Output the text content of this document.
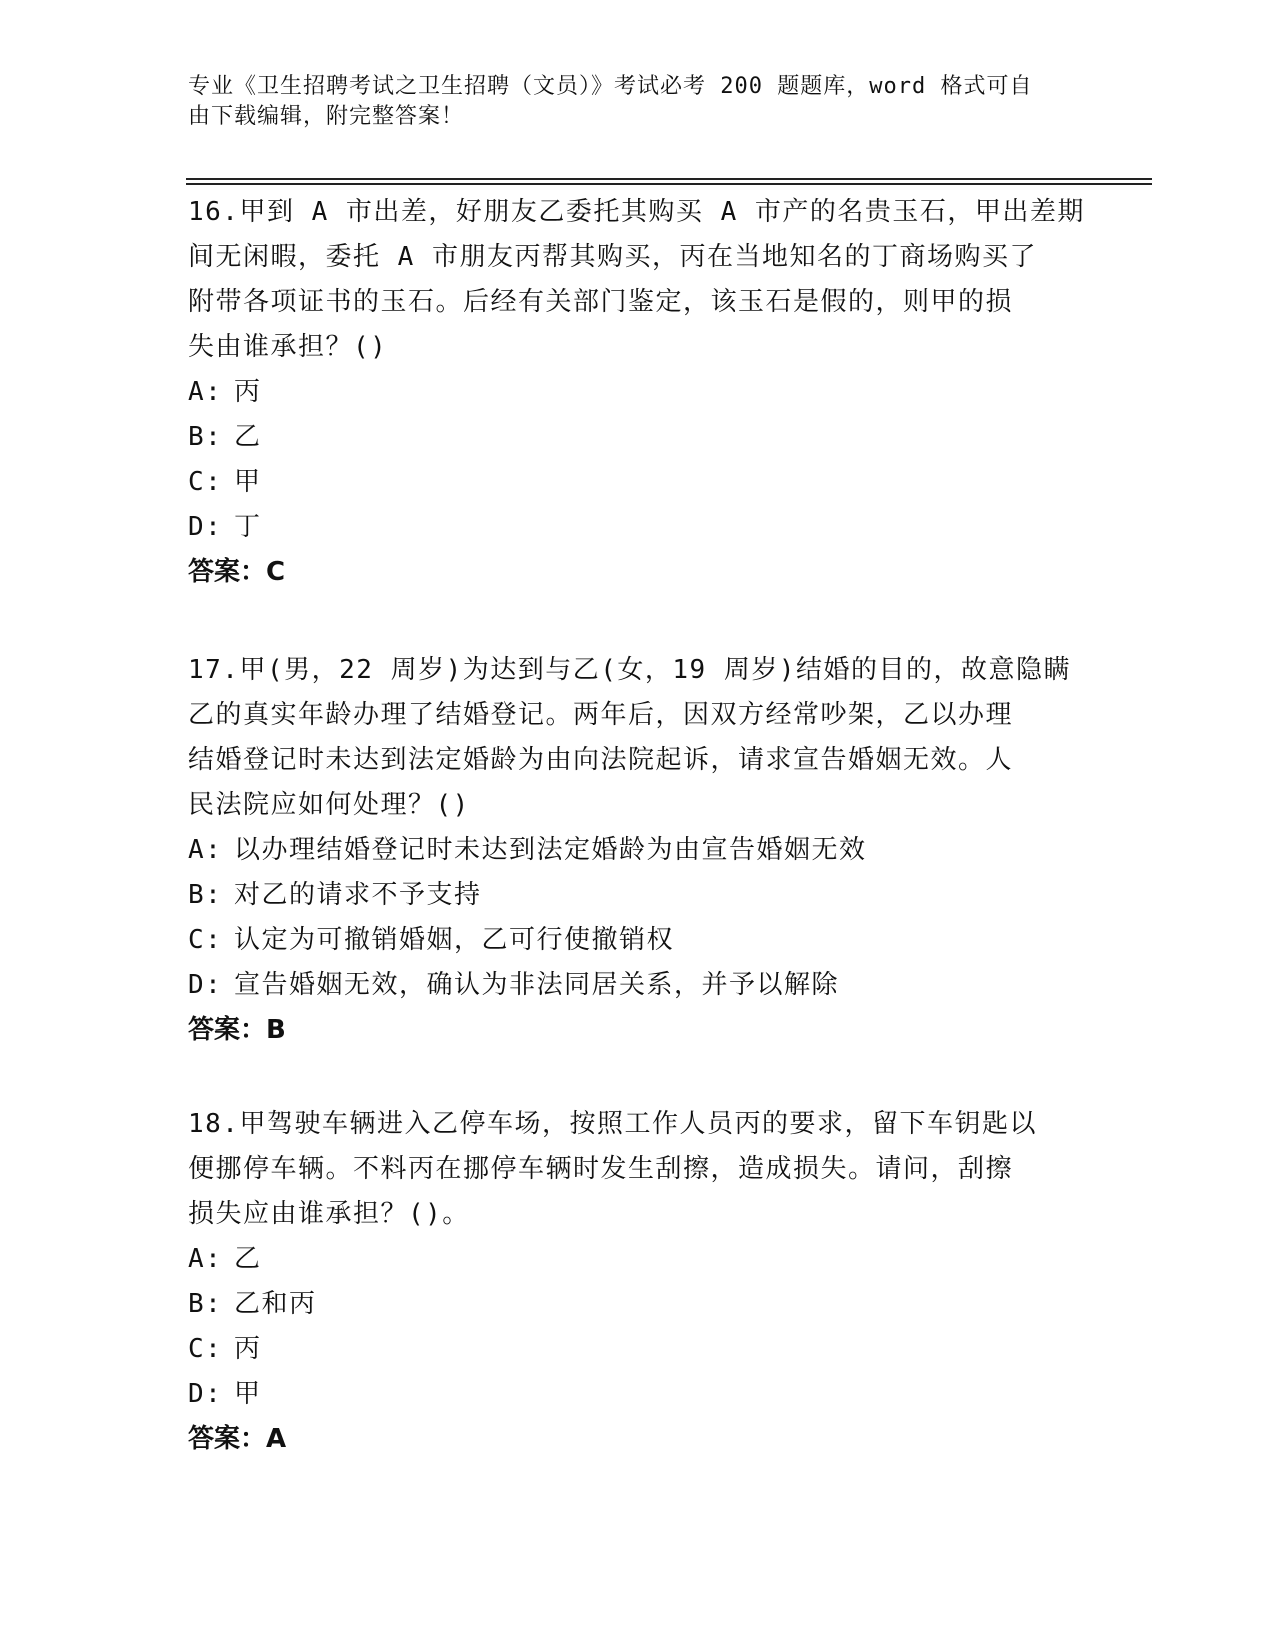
专业《卫生招聘考试之卫生招聘（文员）》考试必考 200 题题库，word 格式可自
由下载编辑，附完整答案！
16.甲到 A 市出差，好朋友乙委托其购买 A 市产的名贵玉石，甲出差期
间无闲暇，委托 A 市朋友丙帮其购买，丙在当地知名的丁商场购买了
附带各项证书的玉石。后经有关部门鉴定，该玉石是假的，则甲的损
失由谁承担？()
A: 丙
B: 乙
C: 甲
D: 丁
答案：C
17.甲(男，22 周岁)为达到与乙(女，19 周岁)结婚的目的，故意隐瞒
乙的真实年龄办理了结婚登记。两年后，因双方经常吵架，乙以办理
结婚登记时未达到法定婚龄为由向法院起诉，请求宣告婚姻无效。人
民法院应如何处理？()
A: 以办理结婚登记时未达到法定婚龄为由宣告婚姻无效
B: 对乙的请求不予支持
C: 认定为可撤销婚姻，乙可行使撤销权
D: 宣告婚姻无效，确认为非法同居关系，并予以解除
答案：B
18.甲驾驶车辆进入乙停车场，按照工作人员丙的要求，留下车钥匙以
便挪停车辆。不料丙在挪停车辆时发生刮擦，造成损失。请问，刮擦
损失应由谁承担？()。
A: 乙
B: 乙和丙
C: 丙
D: 甲
答案：A
